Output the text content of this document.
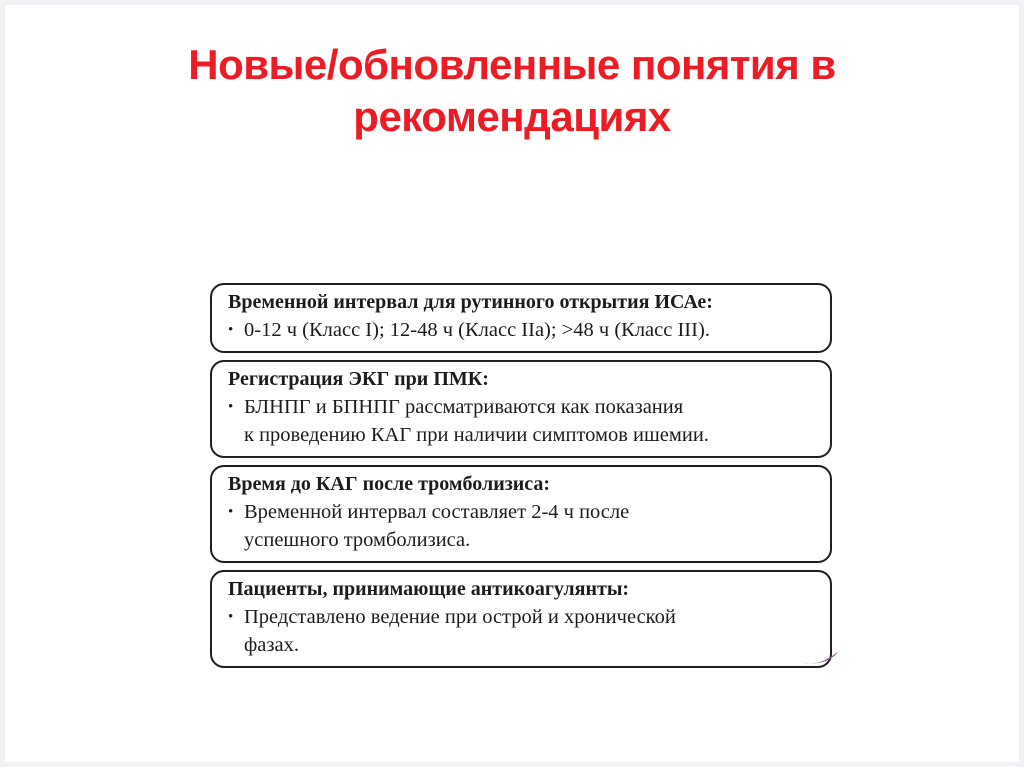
Новые/обновленные понятия в
рекомендациях
Временной интервал для рутинного открытия ИСАе:
• 0-12 ч (Класс I); 12-48 ч (Класс IIa); >48 ч (Класс III).
Регистрация ЭКГ при ПМК:
• БЛНПГ и БПНПГ рассматриваются как показания
к проведению КАГ при наличии симптомов ишемии.
Время до КАГ после тромболизиса:
• Временной интервал составляет 2-4 ч после
успешного тромболизиса.
Пациенты, принимающие антикоагулянты:
• Представлено ведение при острой и хронической
фазах.
